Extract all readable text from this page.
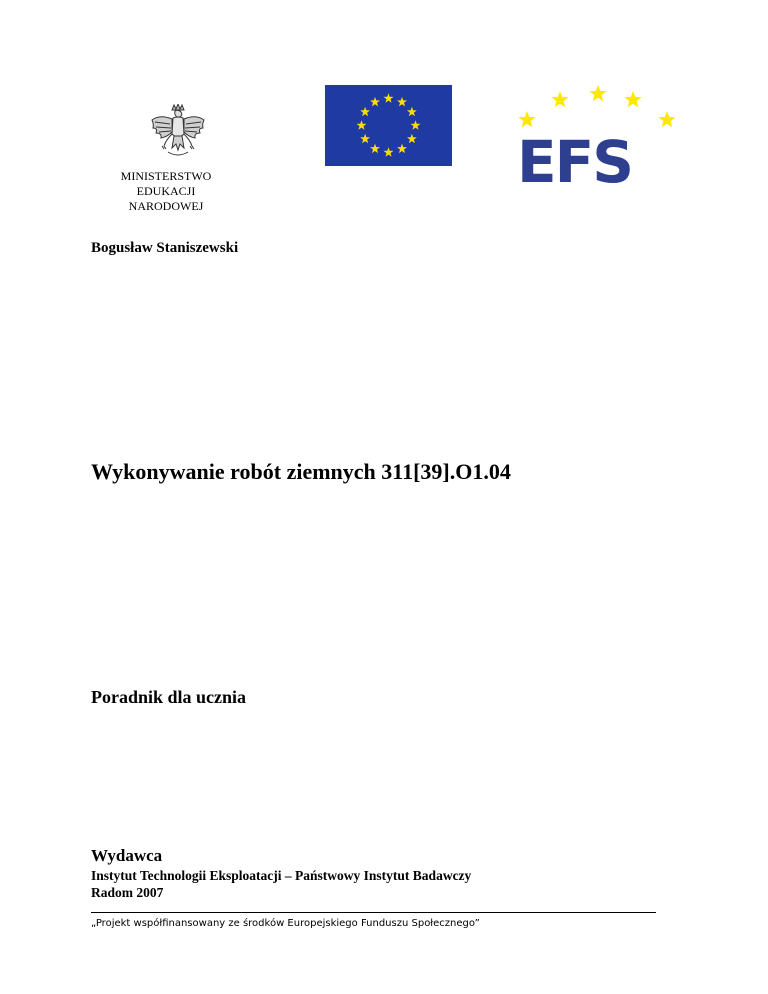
MINISTERSTWO EDUKACJI
NARODOWEJ
EFS
Bogusław Staniszewski
Wykonywanie robót ziemnych 311[39].O1.04
Poradnik dla ucznia
Wydawca
Instytut Technologii Eksploatacji – Państwowy Instytut Badawczy
Radom 2007
„Projekt współfinansowany ze środków Europejskiego Funduszu Społecznego”
